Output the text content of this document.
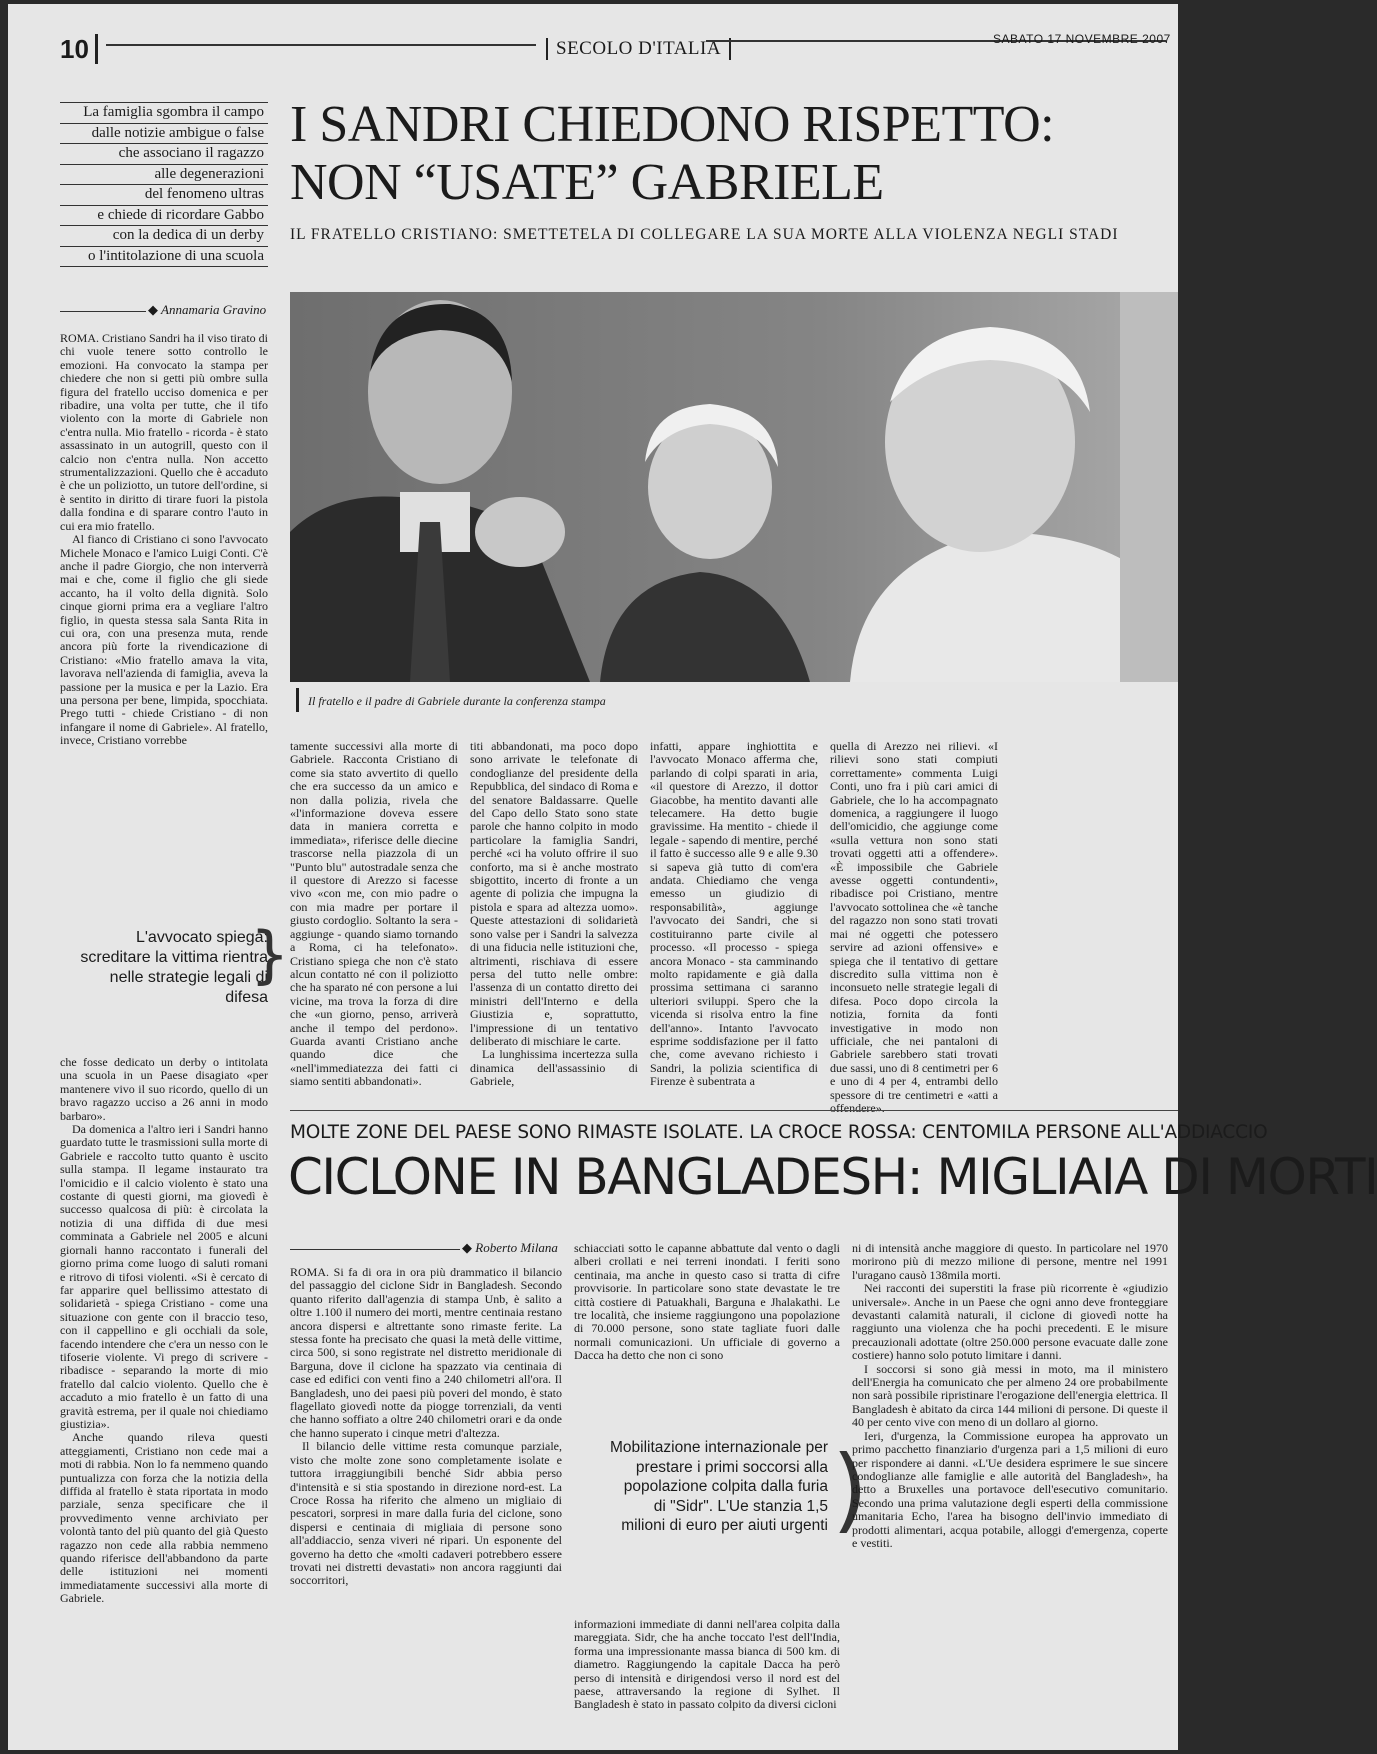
10	SECOLO D'ITALIA	SABATO 17 NOVEMBRE 2007
La famiglia sgombra il campo
dalle notizie ambigue o false
che associano il ragazzo
alle degenerazioni
del fenomeno ultras
e chiede di ricordare Gabbo
con la dedica di un derby
o l'intitolazione di una scuola
I SANDRI CHIEDONO RISPETTO:
NON “USATE” GABRIELE
IL FRATELLO CRISTIANO: SMETTETELA DI COLLEGARE LA SUA MORTE ALLA VIOLENZA NEGLI STADI
◆ Annamaria Gravino
Il fratello e il padre di Gabriele durante la conferenza stampa

ROMA. Cristiano Sandri ha il viso tirato di chi vuole tenere sotto controllo le emozioni. Ha convocato la stampa per chiedere che non si getti più ombre sulla figura del fratello ucciso domenica e per ribadire, una volta per tutte, che il tifo violento con la morte di Gabriele non c'entra nulla. Mio fratello - ricorda - è stato assassinato in un autogrill, questo con il calcio non c'entra nulla. Non accetto strumentalizzazioni. Quello che è accaduto è che un poliziotto, un tutore dell'ordine, si è sentito in diritto di tirare fuori la pistola dalla fondina e di sparare contro l'auto in cui era mio fratello.

Al fianco di Cristiano ci sono l'avvocato Michele Monaco e l'amico Luigi Conti. C'è anche il padre Giorgio, che non interverrà mai e che, come il figlio che gli siede accanto, ha il volto della dignità. Solo cinque giorni prima era a vegliare l'altro figlio, in questa stessa sala Santa Rita in cui ora, con una presenza muta, rende ancora più forte la rivendicazione di Cristiano: «Mio fratello amava la vita, lavorava nell'azienda di famiglia, aveva la passione per la musica e per la Lazio. Era una persona per bene, limpida, spocchiata. Prego tutti - chiede Cristiano - di non infangare il nome di Gabriele». Al fratello, invece, Cristiano vorrebbe

L'avvocato spiega: screditare la vittima rientra nelle strategie legali di difesa
}

che fosse dedicato un derby o intitolata una scuola in un Paese disagiato «per mantenere vivo il suo ricordo, quello di un bravo ragazzo ucciso a 26 anni in modo barbaro».

Da domenica a l'altro ieri i Sandri hanno guardato tutte le trasmissioni sulla morte di Gabriele e raccolto tutto quanto è uscito sulla stampa. Il legame instaurato tra l'omicidio e il calcio violento è stato una costante di questi giorni, ma giovedì è successo qualcosa di più: è circolata la notizia di una diffida di due mesi comminata a Gabriele nel 2005 e alcuni giornali hanno raccontato i funerali del giorno prima come luogo di saluti romani e ritrovo di tifosi violenti. «Si è cercato di far apparire quel bellissimo attestato di solidarietà - spiega Cristiano - come una situazione con gente con il braccio teso, con il cappellino e gli occhiali da sole, facendo intendere che c'era un nesso con le tifoserie violente. Vi prego di scrivere - ribadisce - separando la morte di mio fratello dal calcio violento. Quello che è accaduto a mio fratello è un fatto di una gravità estrema, per il quale noi chiediamo giustizia».

Anche quando rileva questi atteggiamenti, Cristiano non cede mai a moti di rabbia. Non lo fa nemmeno quando puntualizza con forza che la notizia della diffida al fratello è stata riportata in modo parziale, senza specificare che il provvedimento venne archiviato per volontà tanto del più quanto del già Questo ragazzo non cede alla rabbia nemmeno quando riferisce dell'abbandono da parte delle istituzioni nei momenti immediatamente successivi alla morte di Gabriele.

tamente successivi alla morte di Gabriele. Racconta Cristiano di come sia stato avvertito di quello che era successo da un amico e non dalla polizia, rivela che «l'informazione doveva essere data in maniera corretta e immediata», riferisce delle diecine trascorse nella piazzola di un "Punto blu" autostradale senza che il questore di Arezzo si facesse vivo «con me, con mio padre o con mia madre per portare il giusto cordoglio. Soltanto la sera - aggiunge - quando siamo tornando a Roma, ci ha telefonato». Cristiano spiega che non c'è stato alcun contatto né con il poliziotto che ha sparato né con persone a lui vicine, ma trova la forza di dire che «un giorno, penso, arriverà anche il tempo del perdono». Guarda avanti Cristiano anche quando dice che «nell'immediatezza dei fatti ci siamo sentiti abbandonati».

titi abbandonati, ma poco dopo sono arrivate le telefonate di condoglianze del presidente della Repubblica, del sindaco di Roma e del senatore Baldassarre. Quelle del Capo dello Stato sono state parole che hanno colpito in modo particolare la famiglia Sandri, perché «ci ha voluto offrire il suo conforto, ma si è anche mostrato sbigottito, incerto di fronte a un agente di polizia che impugna la pistola e spara ad altezza uomo». Queste attestazioni di solidarietà sono valse per i Sandri la salvezza di una fiducia nelle istituzioni che, altrimenti, rischiava di essere persa del tutto nelle ombre: l'assenza di un contatto diretto dei ministri dell'Interno e della Giustizia e, soprattutto, l'impressione di un tentativo deliberato di mischiare le carte.

La lunghissima incertezza sulla dinamica dell'assassinio di Gabriele,

infatti, appare inghiottita e l'avvocato Monaco afferma che, parlando di colpi sparati in aria, «il questore di Arezzo, il dottor Giacobbe, ha mentito davanti alle telecamere. Ha detto bugie gravissime. Ha mentito - chiede il legale - sapendo di mentire, perché il fatto è successo alle 9 e alle 9.30 si sapeva già tutto di com'era andata. Chiediamo che venga emesso un giudizio di responsabilità», aggiunge l'avvocato dei Sandri, che si costituiranno parte civile al processo. «Il processo - spiega ancora Monaco - sta camminando molto rapidamente e già dalla prossima settimana ci saranno ulteriori sviluppi. Spero che la vicenda si risolva entro la fine dell'anno». Intanto l'avvocato esprime soddisfazione per il fatto che, come avevano richiesto i Sandri, la polizia scientifica di Firenze è subentrata a

quella di Arezzo nei rilievi. «I rilievi sono stati compiuti correttamente» commenta Luigi Conti, uno fra i più cari amici di Gabriele, che lo ha accompagnato domenica, a raggiungere il luogo dell'omicidio, che aggiunge come «sulla vettura non sono stati trovati oggetti atti a offendere». «È impossibile che Gabriele avesse oggetti contundenti», ribadisce poi Cristiano, mentre l'avvocato sottolinea che «è tanche del ragazzo non sono stati trovati mai né oggetti che potessero servire ad azioni offensive» e spiega che il tentativo di gettare discredito sulla vittima non è inconsueto nelle strategie legali di difesa. Poco dopo circola la notizia, fornita da fonti investigative in modo non ufficiale, che nei pantaloni di Gabriele sarebbero stati trovati due sassi, uno di 8 centimetri per 6 e uno di 4 per 4, entrambi dello spessore di tre centimetri e «atti a offendere».

MOLTE ZONE DEL PAESE SONO RIMASTE ISOLATE. LA CROCE ROSSA: CENTOMILA PERSONE ALL'ADDIACCIO
CICLONE IN BANGLADESH: MIGLIAIA DI MORTI
◆ Roberto Milana

ROMA. Si fa di ora in ora più drammatico il bilancio del passaggio del ciclone Sidr in Bangladesh. Secondo quanto riferito dall'agenzia di stampa Unb, è salito a oltre 1.100 il numero dei morti, mentre centinaia restano ancora dispersi e altrettante sono rimaste ferite. La stessa fonte ha precisato che quasi la metà delle vittime, circa 500, si sono registrate nel distretto meridionale di Barguna, dove il ciclone ha spazzato via centinaia di case ed edifici con venti fino a 240 chilometri all'ora. Il Bangladesh, uno dei paesi più poveri del mondo, è stato flagellato giovedì notte da piogge torrenziali, da venti che hanno soffiato a oltre 240 chilometri orari e da onde che hanno superato i cinque metri d'altezza.

Il bilancio delle vittime resta comunque parziale, visto che molte zone sono completamente isolate e tuttora irraggiungibili benché Sidr abbia perso d'intensità e si stia spostando in direzione nord-est. La Croce Rossa ha riferito che almeno un migliaio di pescatori, sorpresi in mare dalla furia del ciclone, sono dispersi e centinaia di migliaia di persone sono all'addiaccio, senza viveri né ripari. Un esponente del governo ha detto che «molti cadaveri potrebbero essere trovati nei distretti devastati» non ancora raggiunti dai soccorritori,

schiacciati sotto le capanne abbattute dal vento o dagli alberi crollati e nei terreni inondati. I feriti sono centinaia, ma anche in questo caso si tratta di cifre provvisorie. In particolare sono state devastate le tre città costiere di Patuakhali, Barguna e Jhalakathi. Le tre località, che insieme raggiungono una popolazione di 70.000 persone, sono state tagliate fuori dalle normali comunicazioni. Un ufficiale di governo a Dacca ha detto che non ci sono

Mobilitazione internazionale per prestare i primi soccorsi alla popolazione colpita dalla furia di "Sidr". L'Ue stanzia 1,5 milioni di euro per aiuti urgenti )

informazioni immediate di danni nell'area colpita dalla mareggiata. Sidr, che ha anche toccato l'est dell'India, forma una impressionante massa bianca di 500 km. di diametro. Raggiungendo la capitale Dacca ha però perso di intensità e dirigendosi verso il nord est del paese, attraversando la regione di Sylhet. Il Bangladesh è stato in passato colpito da diversi cicloni

ni di intensità anche maggiore di questo. In particolare nel 1970 morirono più di mezzo milione di persone, mentre nel 1991 l'uragano causò 138mila morti.

Nei racconti dei superstiti la frase più ricorrente è «giudizio universale». Anche in un Paese che ogni anno deve fronteggiare devastanti calamità naturali, il ciclone di giovedì notte ha raggiunto una violenza che ha pochi precedenti. E le misure precauzionali adottate (oltre 250.000 persone evacuate dalle zone costiere) hanno solo potuto limitare i danni.

I soccorsi si sono già messi in moto, ma il ministero dell'Energia ha comunicato che per almeno 24 ore probabilmente non sarà possibile ripristinare l'erogazione dell'energia elettrica. Il Bangladesh è abitato da circa 144 milioni di persone. Di queste il 40 per cento vive con meno di un dollaro al giorno.

Ieri, d'urgenza, la Commissione europea ha approvato un primo pacchetto finanziario d'urgenza pari a 1,5 milioni di euro per rispondere ai danni. «L'Ue desidera esprimere le sue sincere condoglianze alle famiglie e alle autorità del Bangladesh», ha detto a Bruxelles una portavoce dell'esecutivo comunitario. Secondo una prima valutazione degli esperti della commissione umanitaria Echo, l'area ha bisogno dell'invio immediato di prodotti alimentari, acqua potabile, alloggi d'emergenza, coperte e vestiti.
